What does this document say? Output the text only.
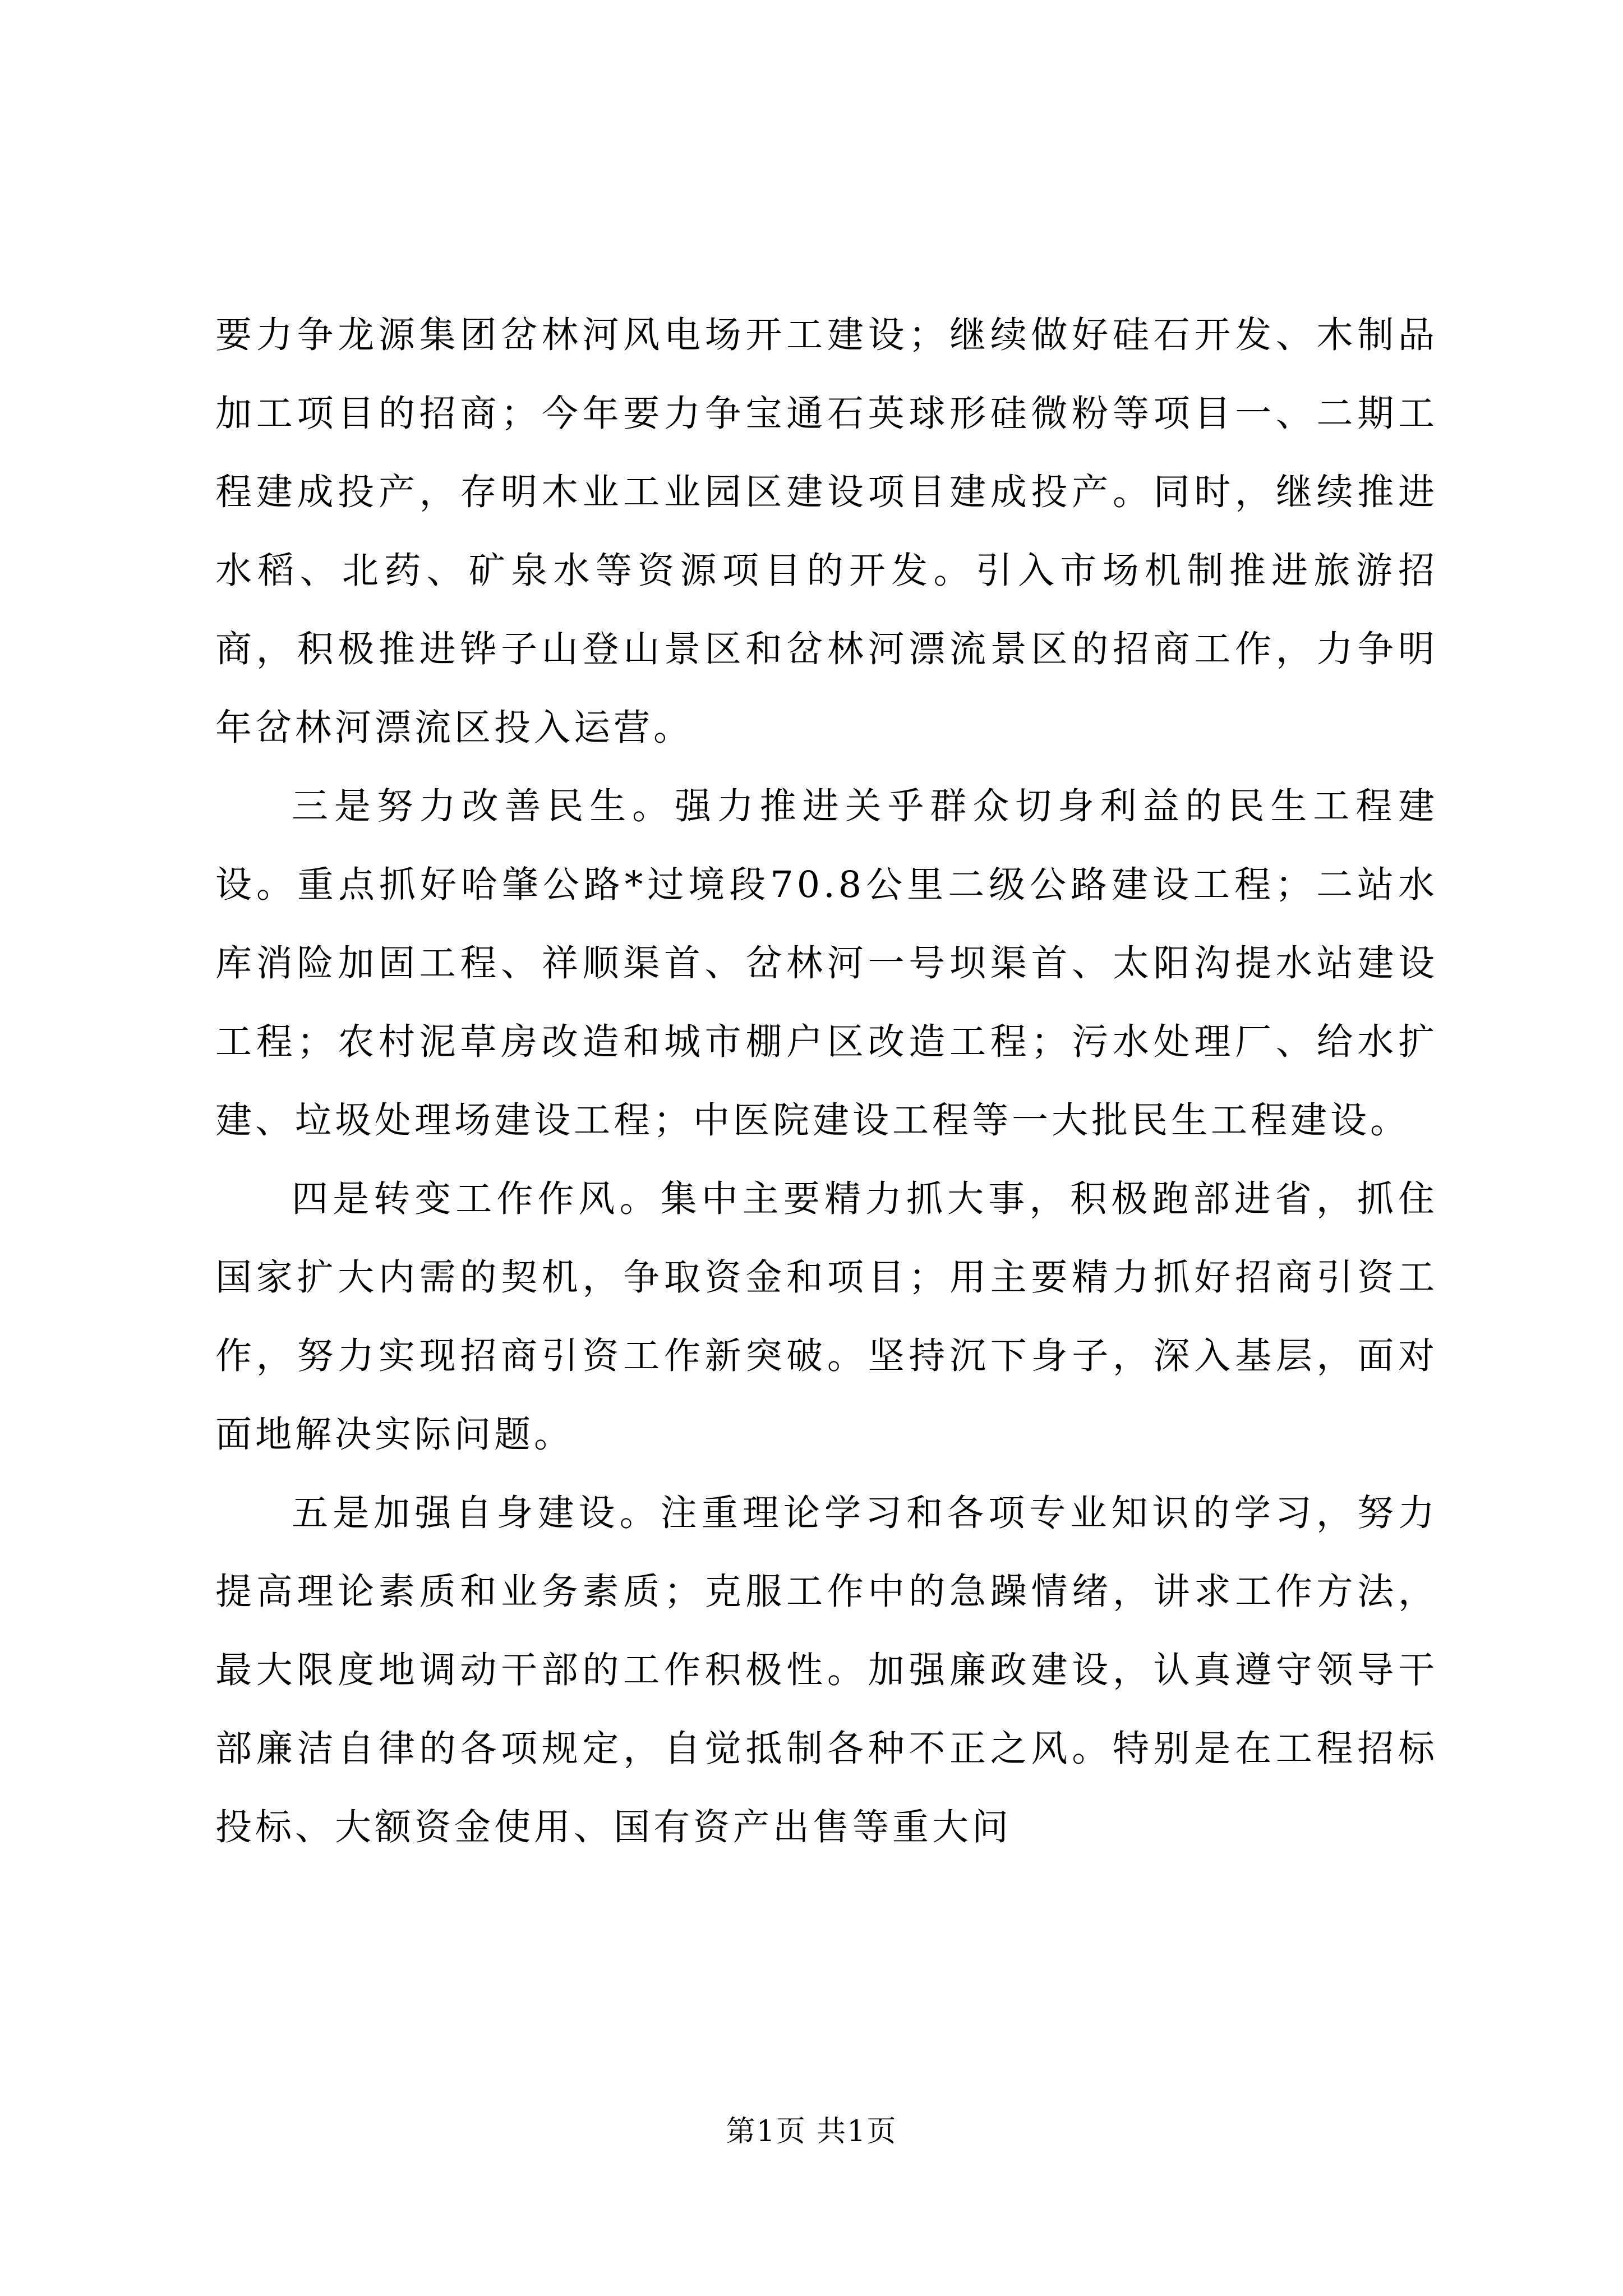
要力争龙源集团岔林河风电场开工建设；继续做好硅石开发、木制品加工项目的招商；今年要力争宝通石英球形硅微粉等项目一、二期工程建成投产，存明木业工业园区建设项目建成投产。同时，继续推进水稻、北药、矿泉水等资源项目的开发。引入市场机制推进旅游招商，积极推进铧子山登山景区和岔林河漂流景区的招商工作，力争明年岔林河漂流区投入运营。

三是努力改善民生。强力推进关乎群众切身利益的民生工程建设。重点抓好哈肇公路*过境段70.8公里二级公路建设工程；二站水库消险加固工程、祥顺渠首、岔林河一号坝渠首、太阳沟提水站建设工程；农村泥草房改造和城市棚户区改造工程；污水处理厂、给水扩建、垃圾处理场建设工程；中医院建设工程等一大批民生工程建设。

四是转变工作作风。集中主要精力抓大事，积极跑部进省，抓住国家扩大内需的契机，争取资金和项目；用主要精力抓好招商引资工作，努力实现招商引资工作新突破。坚持沉下身子，深入基层，面对面地解决实际问题。

五是加强自身建设。注重理论学习和各项专业知识的学习，努力提高理论素质和业务素质；克服工作中的急躁情绪，讲求工作方法，最大限度地调动干部的工作积极性。加强廉政建设，认真遵守领导干部廉洁自律的各项规定，自觉抵制各种不正之风。特别是在工程招标投标、大额资金使用、国有资产出售等重大问

第1页 共1页
